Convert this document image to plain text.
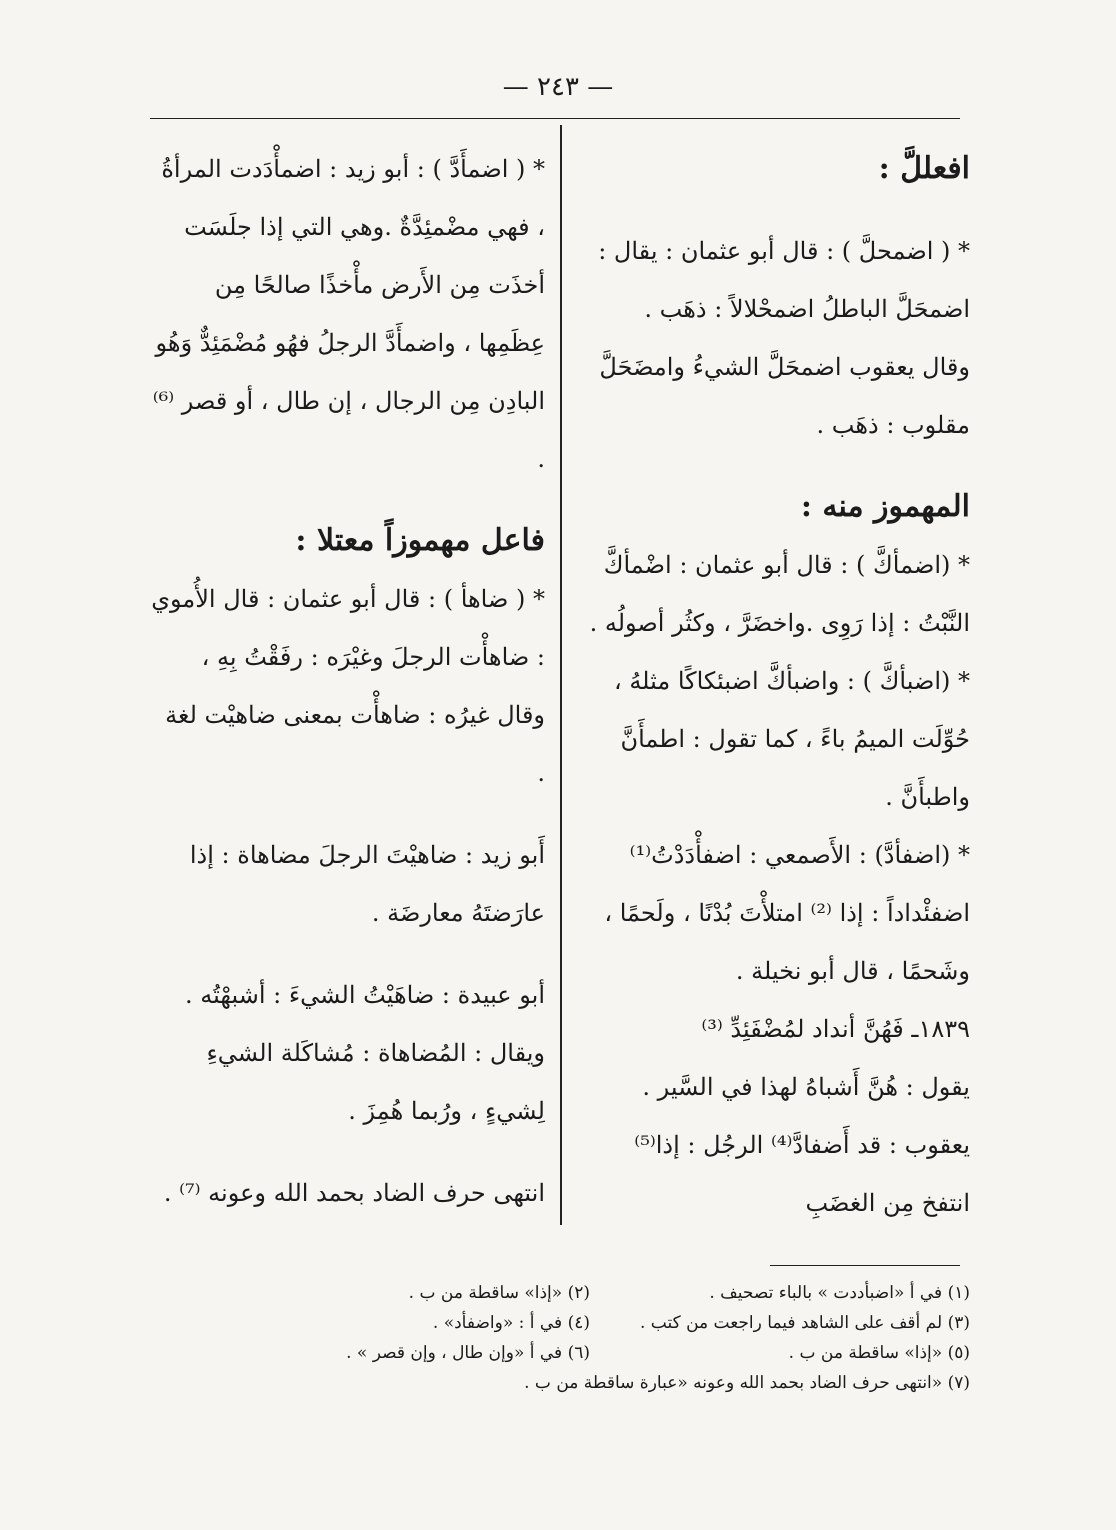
— ٢٤٣ —
افعللَّ :

* ( اضمحلَّ ) : قال أبو عثمان : يقال : اضمحَلَّ الباطلُ اضمحْلالاً : ذهَب .

وقال يعقوب اضمحَلَّ الشيءُ وامضَحَلَّ مقلوب : ذهَب .

المهموز منه :

* (اضمأكَّ ) : قال أبو عثمان : اضْمأكَّ النَّبْتُ : إذا رَوِى .واخضَرَّ ، وكثُر أصولُه .

* (اضبأكَّ ) : واضبأكَّ اضبئكاكًا مثلهُ ، حُوِّلَت الميمُ باءً ، كما تقول : اطمأَنَّ واطبأَنَّ .

* (اضفأدَّ) : الأَصمعي : اضفأْدَدْتُ⁽¹⁾ اضفئْداداً : إذا ⁽²⁾ امتلأْتَ بُدْنًا ، ولَحمًا ، وشَحمًا ، قال أبو نخيلة .

١٨٣٩ـ فَهُنَّ أنداد لمُضْفَئِدِّ ⁽³⁾

يقول : هُنَّ أَشباهُ لهذا في السَّير .

يعقوب : قد أَضفادَّ⁽⁴⁾ الرجُل : إذا⁽⁵⁾ انتفخ مِن الغضَبِ

* ( اضمأَدَّ ) : أبو زيد : اضمأْدَدت المرأةُ ، فهي مضْمئِدَّةٌ .وهي التي إذا جلَسَت أخذَت مِن الأَرض مأْخذًا صالحًا مِن عِظَمِها ، واضمأَدَّ الرجلُ فهُو مُضْمَئِدٌّ وَهُو البادِن مِن الرجال ، إن طال ، أو قصر ⁽⁶⁾ .

فاعل مهموزاً معتلا :

* ( ضاهأ ) : قال أبو عثمان : قال الأُموي : ضاهأْت الرجلَ وغيْرَه : رفَقْتُ بِهِ ، وقال غيرُه : ضاهأْت بمعنى ضاهيْت لغة .

أَبو زيد : ضاهيْتَ الرجلَ مضاهاة : إذا عارَضتَهُ معارضَة .

أبو عبيدة : ضاهَيْتُ الشيءَ : أشبهْتُه . ويقال : المُضاهاة : مُشاكَلة الشيءِ لِشيءٍ ، ورُبما هُمِزَ .

انتهى حرف الضاد بحمد الله وعونه ⁽⁷⁾ .

(١) في أ «اضبأددت » بالباء تصحيف .
(٢) «إذا» ساقطة من ب .
(٣) لم أقف على الشاهد فيما راجعت من كتب .
(٤) في أ : «واضفأد» .
(٥) «إذا» ساقطة من ب .
(٦) في أ «وإن طال ، وإن قصر » .
(٧) «انتهى حرف الضاد بحمد الله وعونه «عبارة ساقطة من ب .
